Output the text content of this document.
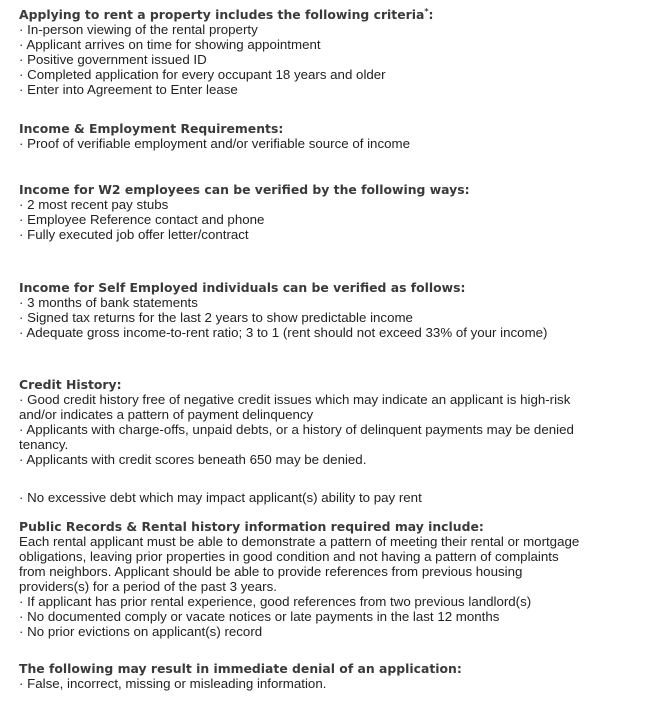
Applying to rent a property includes the following criteria*:

· In-person viewing of the rental property

· Applicant arrives on time for showing appointment

· Positive government issued ID

· Completed application for every occupant 18 years and older

· Enter into Agreement to Enter lease

Income & Employment Requirements:

· Proof of verifiable employment and/or verifiable source of income

Income for W2 employees can be verified by the following ways:

· 2 most recent pay stubs

· Employee Reference contact and phone

· Fully executed job offer letter/contract

Income for Self Employed individuals can be verified as follows:

· 3 months of bank statements

· Signed tax returns for the last 2 years to show predictable income

· Adequate gross income-to-rent ratio; 3 to 1 (rent should not exceed 33% of your income)

Credit History:

· Good credit history free of negative credit issues which may indicate an applicant is high-risk

and/or indicates a pattern of payment delinquency

· Applicants with charge-offs, unpaid debts, or a history of delinquent payments may be denied

tenancy.

· Applicants with credit scores beneath 650 may be denied.

· No excessive debt which may impact applicant(s) ability to pay rent

Public Records & Rental history information required may include:

Each rental applicant must be able to demonstrate a pattern of meeting their rental or mortgage

obligations, leaving prior properties in good condition and not having a pattern of complaints

from neighbors. Applicant should be able to provide references from previous housing

providers(s) for a period of the past 3 years.

· If applicant has prior rental experience, good references from two previous landlord(s)

· No documented comply or vacate notices or late payments in the last 12 months

· No prior evictions on applicant(s) record

The following may result in immediate denial of an application:

· False, incorrect, missing or misleading information.
